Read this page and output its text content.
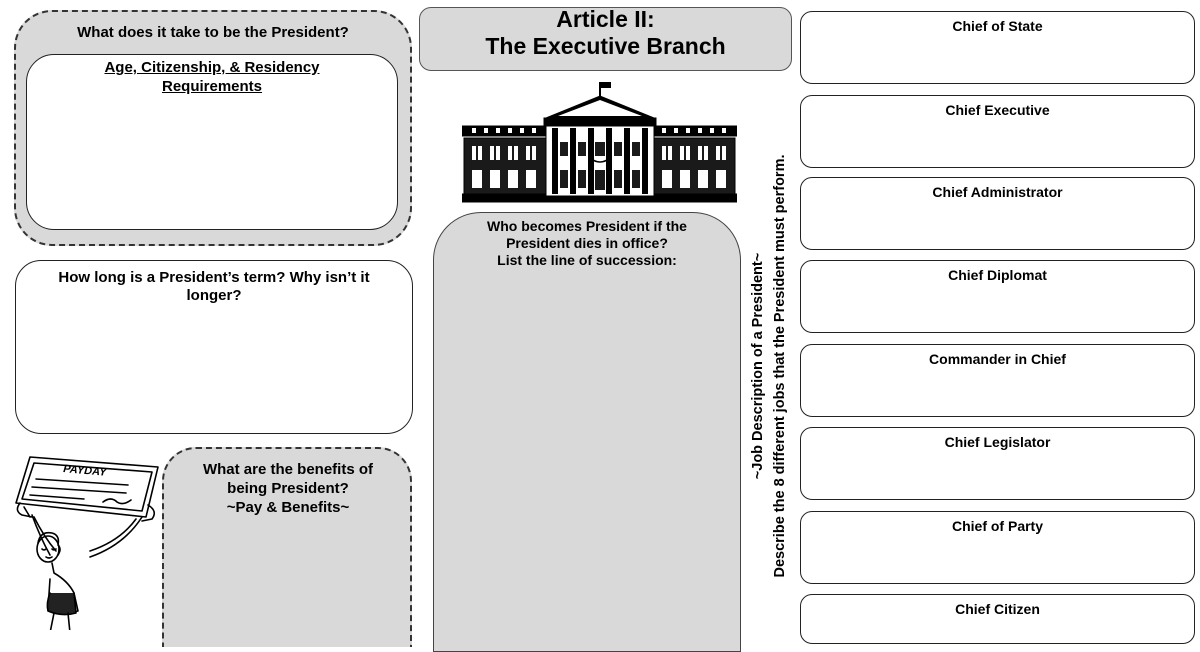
What does it take to be the President?
Age, Citizenship, & Residency
Requirements
How long is a President’s term? Why isn’t it
longer?
What are the benefits of
being President?
~Pay & Benefits~
PAYDAY
Article II:
The Executive Branch
Who becomes President if the
President dies in office?
List the line of succession:	~Job Description of a President~ Describe the 8 different jobs that the President must perform.
Chief of State
Chief Executive
Chief Administrator
Chief Diplomat
Commander in Chief
Chief Legislator
Chief of Party
Chief Citizen
